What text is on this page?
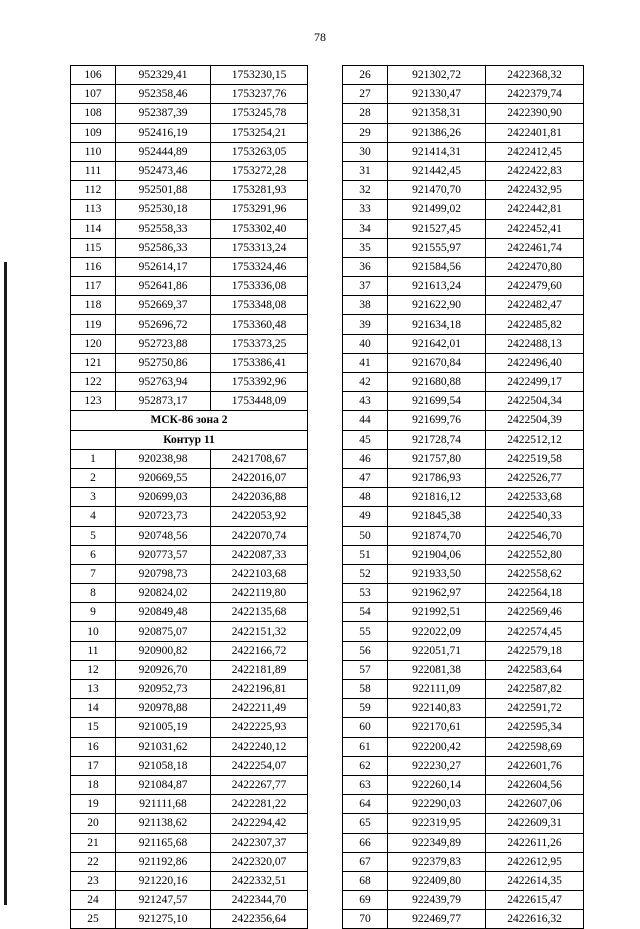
78
106	952329,41	1753230,15
107	952358,46	1753237,76
108	952387,39	1753245,78
109	952416,19	1753254,21
110	952444,89	1753263,05
111	952473,46	1753272,28
112	952501,88	1753281,93
113	952530,18	1753291,96
114	952558,33	1753302,40
115	952586,33	1753313,24
116	952614,17	1753324,46
117	952641,86	1753336,08
118	952669,37	1753348,08
119	952696,72	1753360,48
120	952723,88	1753373,25
121	952750,86	1753386,41
122	952763,94	1753392,96
123	952873,17	1753448,09
МСК-86 зона 2		
Контур 11		
1	920238,98	2421708,67
2	920669,55	2422016,07
3	920699,03	2422036,88
4	920723,73	2422053,92
5	920748,56	2422070,74
6	920773,57	2422087,33
7	920798,73	2422103,68
8	920824,02	2422119,80
9	920849,48	2422135,68
10	920875,07	2422151,32
11	920900,82	2422166,72
12	920926,70	2422181,89
13	920952,73	2422196,81
14	920978,88	2422211,49
15	921005,19	2422225,93
16	921031,62	2422240,12
17	921058,18	2422254,07
18	921084,87	2422267,77
19	921111,68	2422281,22
20	921138,62	2422294,42
21	921165,68	2422307,37
22	921192,86	2422320,07
23	921220,16	2422332,51
24	921247,57	2422344,70
25	921275,10	2422356,64
26	921302,72	2422368,32
27	921330,47	2422379,74
28	921358,31	2422390,90
29	921386,26	2422401,81
30	921414,31	2422412,45
31	921442,45	2422422,83
32	921470,70	2422432,95
33	921499,02	2422442,81
34	921527,45	2422452,41
35	921555,97	2422461,74
36	921584,56	2422470,80
37	921613,24	2422479,60
38	921622,90	2422482,47
39	921634,18	2422485,82
40	921642,01	2422488,13
41	921670,84	2422496,40
42	921680,88	2422499,17
43	921699,54	2422504,34
44	921699,76	2422504,39
45	921728,74	2422512,12
46	921757,80	2422519,58
47	921786,93	2422526,77
48	921816,12	2422533,68
49	921845,38	2422540,33
50	921874,70	2422546,70
51	921904,06	2422552,80
52	921933,50	2422558,62
53	921962,97	2422564,18
54	921992,51	2422569,46
55	922022,09	2422574,45
56	922051,71	2422579,18
57	922081,38	2422583,64
58	922111,09	2422587,82
59	922140,83	2422591,72
60	922170,61	2422595,34
61	922200,42	2422598,69
62	922230,27	2422601,76
63	922260,14	2422604,56
64	922290,03	2422607,06
65	922319,95	2422609,31
66	922349,89	2422611,26
67	922379,83	2422612,95
68	922409,80	2422614,35
69	922439,79	2422615,47
70	922469,77	2422616,32
